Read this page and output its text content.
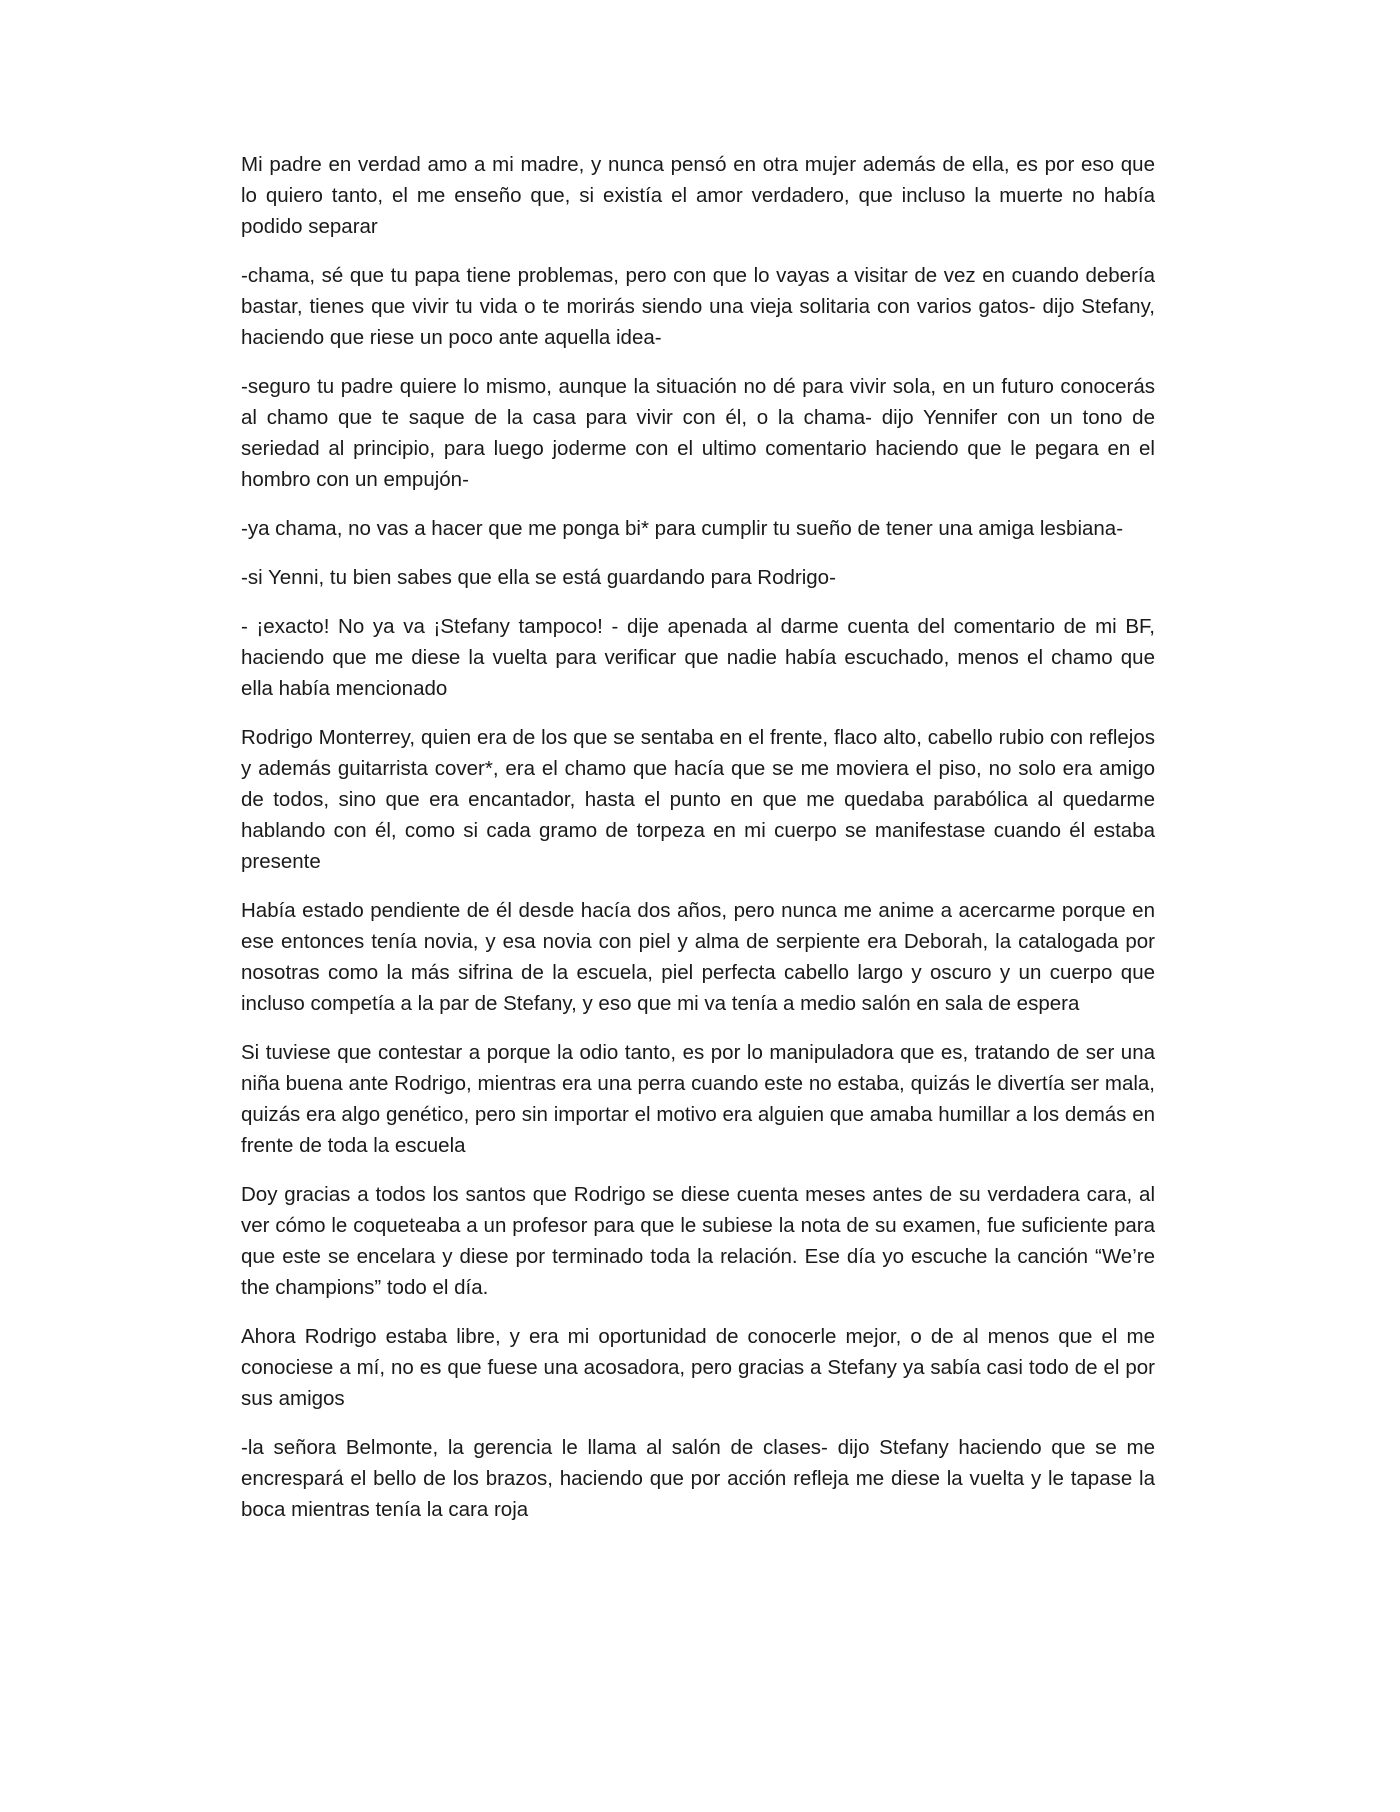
Mi padre en verdad amo a mi madre, y nunca pensó en otra mujer además de ella, es por eso que lo quiero tanto, el me enseño que, si existía el amor verdadero, que incluso la muerte no había podido separar

-chama, sé que tu papa tiene problemas, pero con que lo vayas a visitar de vez en cuando debería bastar, tienes que vivir tu vida o te morirás siendo una vieja solitaria con varios gatos- dijo Stefany, haciendo que riese un poco ante aquella idea-

-seguro tu padre quiere lo mismo, aunque la situación no dé para vivir sola, en un futuro conocerás al chamo que te saque de la casa para vivir con él, o la chama- dijo Yennifer con un tono de seriedad al principio, para luego joderme con el ultimo comentario haciendo que le pegara en el hombro con un empujón-

-ya chama, no vas a hacer que me ponga bi* para cumplir tu sueño de tener una amiga lesbiana-

-si Yenni, tu bien sabes que ella se está guardando para Rodrigo-

- ¡exacto! No ya va ¡Stefany tampoco! - dije apenada al darme cuenta del comentario de mi BF, haciendo que me diese la vuelta para verificar que nadie había escuchado, menos el chamo que ella había mencionado

Rodrigo Monterrey, quien era de los que se sentaba en el frente, flaco alto, cabello rubio con reflejos y además guitarrista cover*, era el chamo que hacía que se me moviera el piso, no solo era amigo de todos, sino que era encantador, hasta el punto en que me quedaba parabólica al quedarme hablando con él, como si cada gramo de torpeza en mi cuerpo se manifestase cuando él estaba presente

Había estado pendiente de él desde hacía dos años, pero nunca me anime a acercarme porque en ese entonces tenía novia, y esa novia con piel y alma de serpiente era Deborah, la catalogada por nosotras como la más sifrina de la escuela, piel perfecta cabello largo y oscuro y un cuerpo que incluso competía a la par de Stefany, y eso que mi va tenía a medio salón en sala de espera

Si tuviese que contestar a porque la odio tanto, es por lo manipuladora que es, tratando de ser una niña buena ante Rodrigo, mientras era una perra cuando este no estaba, quizás le divertía ser mala, quizás era algo genético, pero sin importar el motivo era alguien que amaba humillar a los demás en frente de toda la escuela

Doy gracias a todos los santos que Rodrigo se diese cuenta meses antes de su verdadera cara, al ver cómo le coqueteaba a un profesor para que le subiese la nota de su examen, fue suficiente para que este se encelara y diese por terminado toda la relación. Ese día yo escuche la canción “We’re the champions” todo el día.

Ahora Rodrigo estaba libre, y era mi oportunidad de conocerle mejor, o de al menos que el me conociese a mí, no es que fuese una acosadora, pero gracias a Stefany ya sabía casi todo de el por sus amigos

-la señora Belmonte, la gerencia le llama al salón de clases- dijo Stefany haciendo que se me encrespará el bello de los brazos, haciendo que por acción refleja me diese la vuelta y le tapase la boca mientras tenía la cara roja
